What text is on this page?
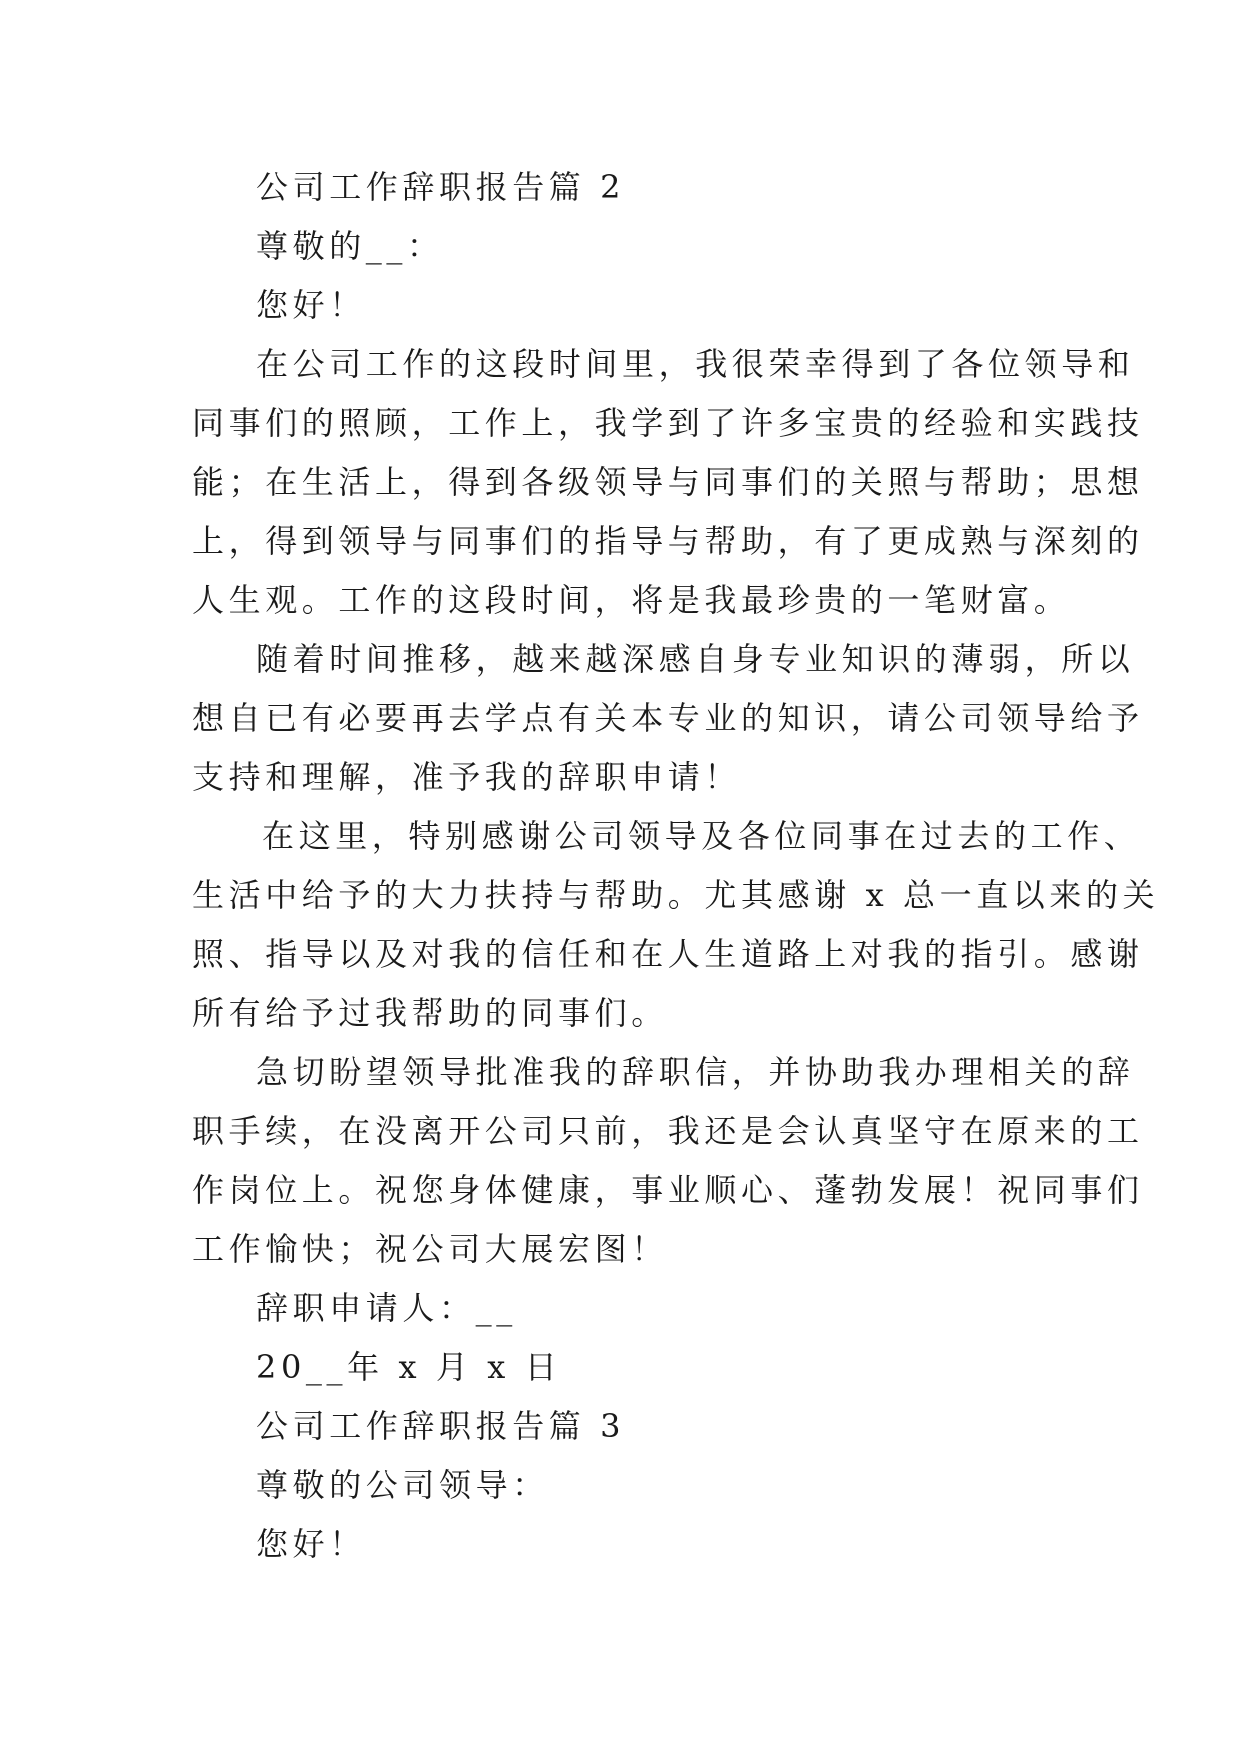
公司工作辞职报告篇 2
尊敬的__：
您好！
在公司工作的这段时间里，我很荣幸得到了各位领导和
同事们的照顾，工作上，我学到了许多宝贵的经验和实践技
能；在生活上，得到各级领导与同事们的关照与帮助；思想
上，得到领导与同事们的指导与帮助，有了更成熟与深刻的
人生观。工作的这段时间，将是我最珍贵的一笔财富。
随着时间推移，越来越深感自身专业知识的薄弱，所以
想自已有必要再去学点有关本专业的知识，请公司领导给予
支持和理解，准予我的辞职申请！
在这里，特别感谢公司领导及各位同事在过去的工作、
生活中给予的大力扶持与帮助。尤其感谢 x 总一直以来的关
照、指导以及对我的信任和在人生道路上对我的指引。感谢
所有给予过我帮助的同事们。
急切盼望领导批准我的辞职信，并协助我办理相关的辞
职手续，在没离开公司只前，我还是会认真坚守在原来的工
作岗位上。祝您身体健康，事业顺心、蓬勃发展！祝同事们
工作愉快；祝公司大展宏图！
辞职申请人：__
20__年 x 月 x 日
公司工作辞职报告篇 3
尊敬的公司领导：
您好！
